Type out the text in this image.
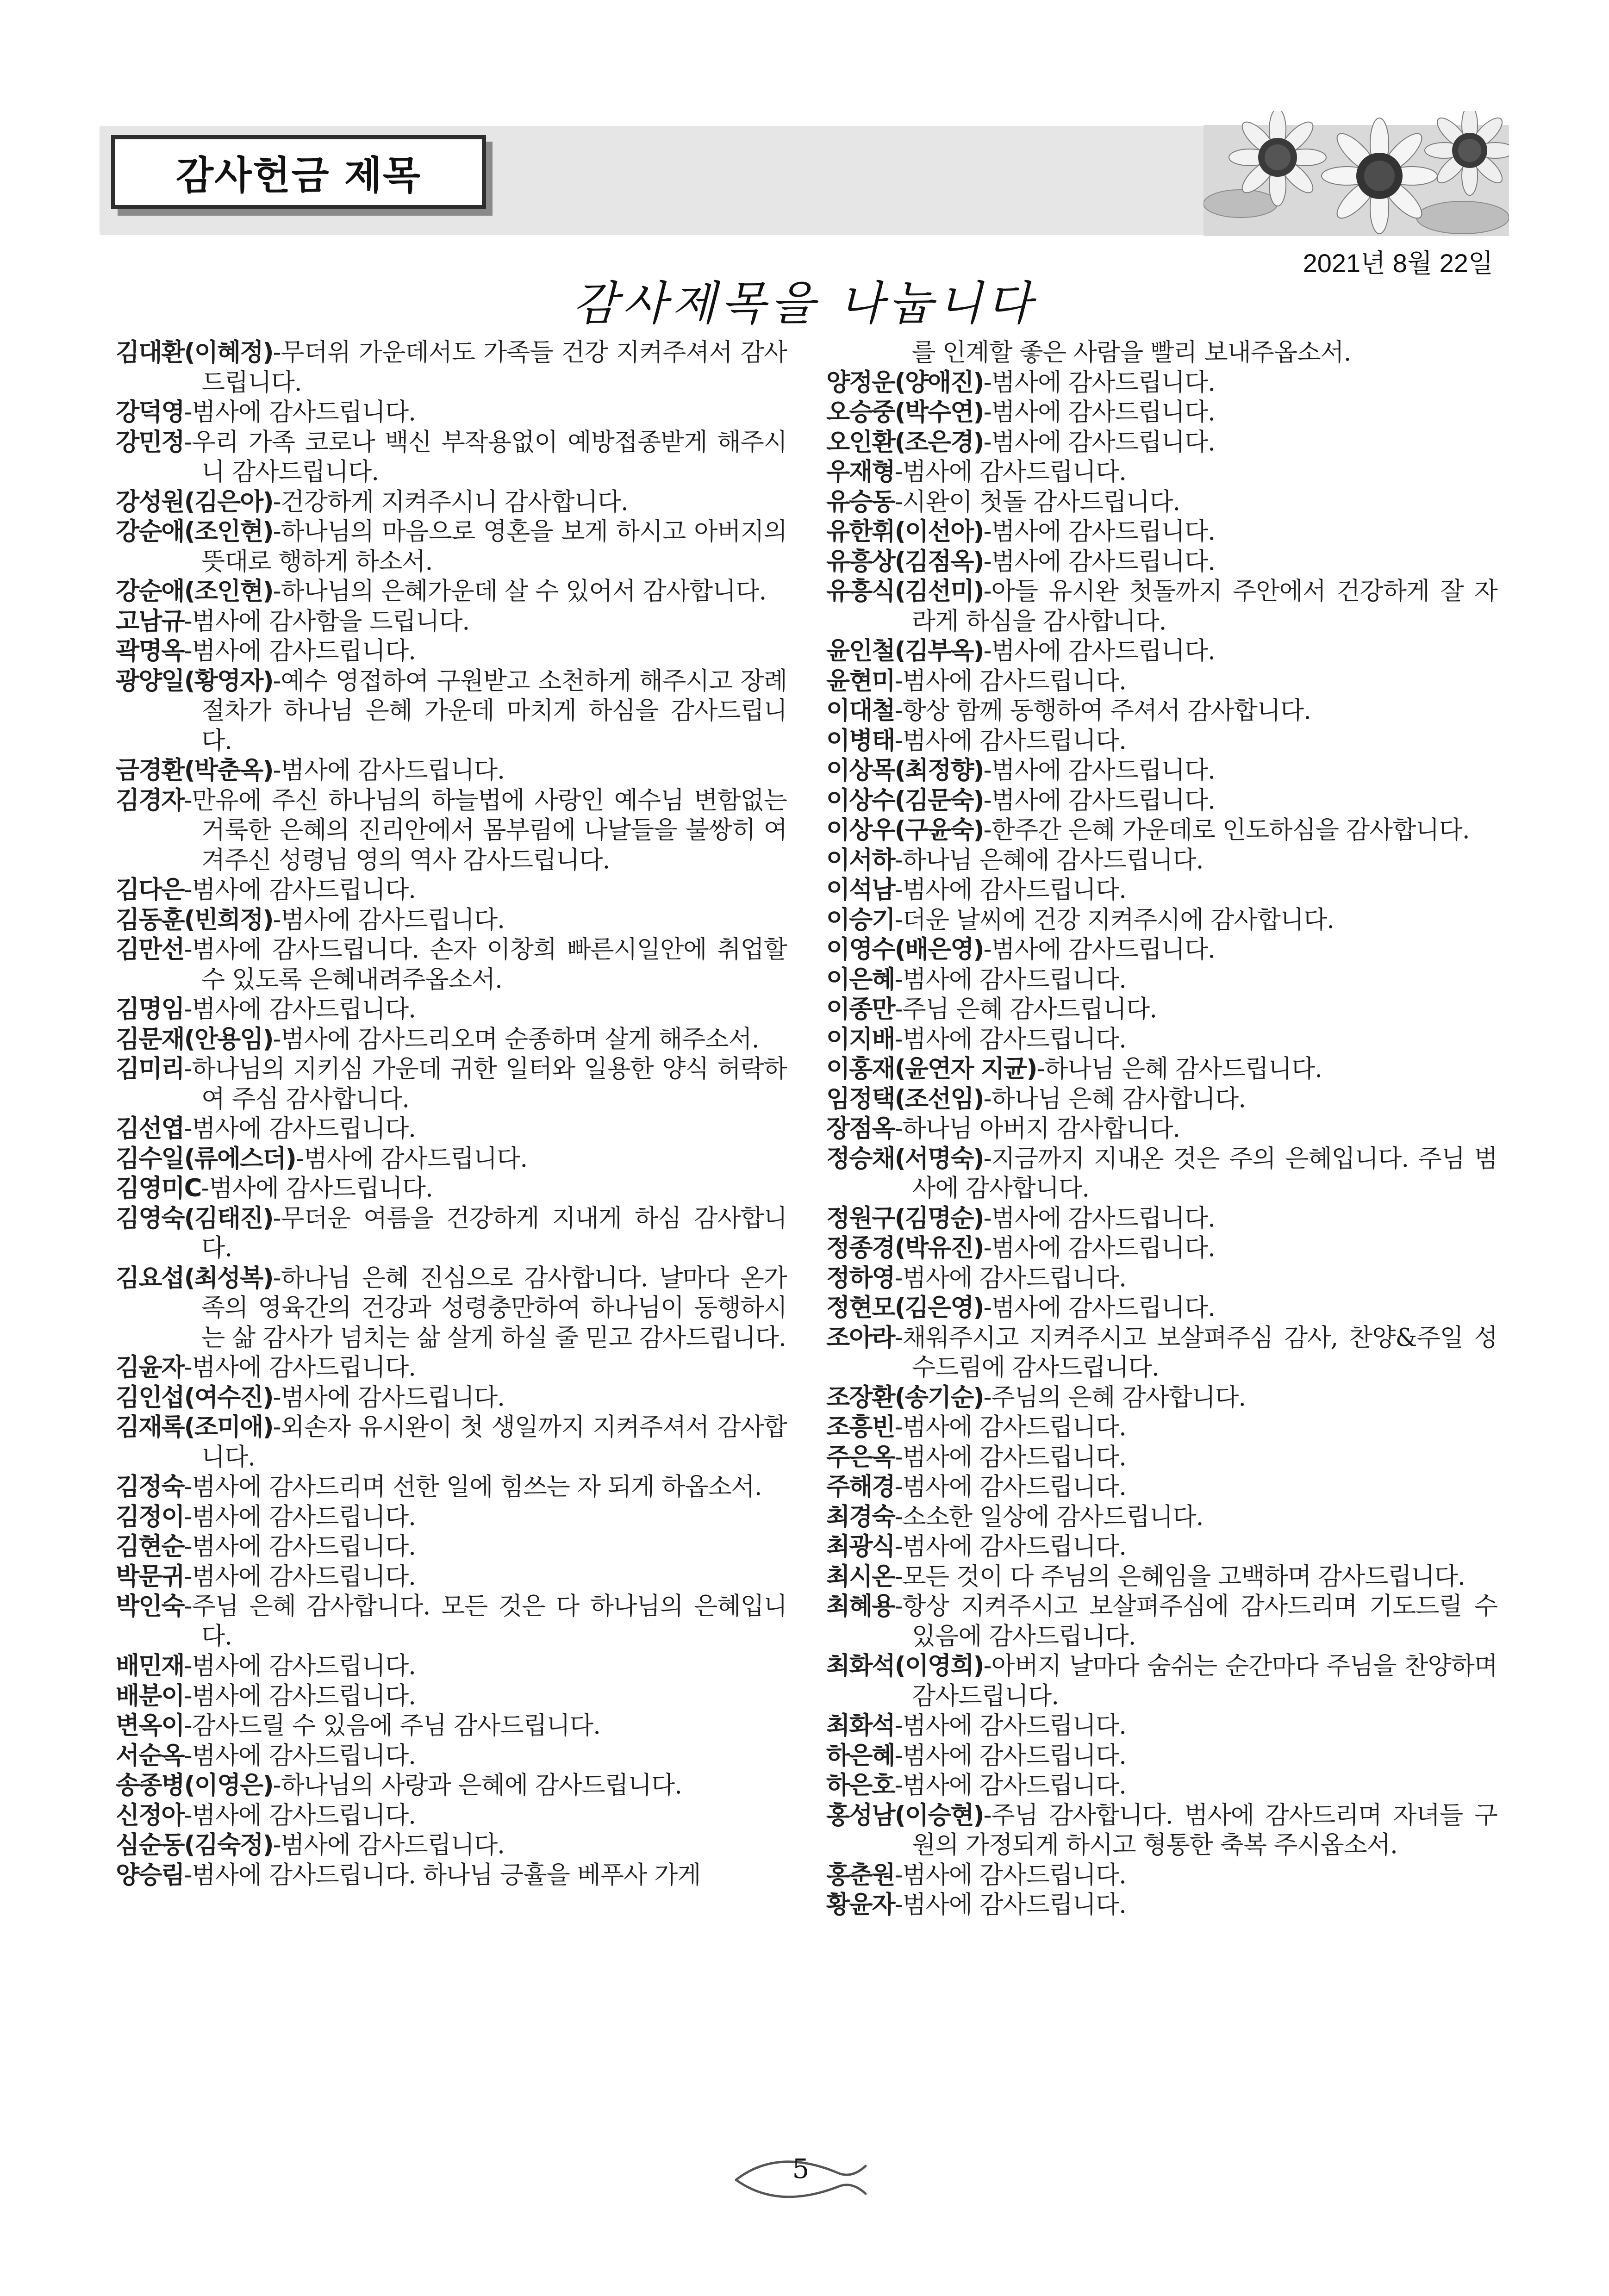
감사헌금 제목
2021년 8월 22일
감사제목을 나눕니다
김대환(이혜정)-무더위 가운데서도 가족들 건강 지켜주셔서 감사드립니다.
강덕영-범사에 감사드립니다.
강민정-우리 가족 코로나 백신 부작용없이 예방접종받게 해주시니 감사드립니다.
강성원(김은아)-건강하게 지켜주시니 감사합니다.
강순애(조인현)-하나님의 마음으로 영혼을 보게 하시고 아버지의 뜻대로 행하게 하소서.
강순애(조인현)-하나님의 은혜가운데 살 수 있어서 감사합니다.
고남규-범사에 감사함을 드립니다.
곽명옥-범사에 감사드립니다.
광양일(황영자)-예수 영접하여 구원받고 소천하게 해주시고 장례 절차가 하나님 은혜 가운데 마치게 하심을 감사드립니다.
금경환(박춘옥)-범사에 감사드립니다.
김경자-만유에 주신 하나님의 하늘법에 사랑인 예수님 변함없는 거룩한 은혜의 진리안에서 몸부림에 나날들을 불쌍히 여겨주신 성령님 영의 역사 감사드립니다.
김다은-범사에 감사드립니다.
김동훈(빈희정)-범사에 감사드립니다.
김만선-범사에 감사드립니다. 손자 이창희 빠른시일안에 취업할 수 있도록 은혜내려주옵소서.
김명임-범사에 감사드립니다.
김문재(안용임)-범사에 감사드리오며 순종하며 살게 해주소서.
김미리-하나님의 지키심 가운데 귀한 일터와 일용한 양식 허락하여 주심 감사합니다.
김선엽-범사에 감사드립니다.
김수일(류에스더)-범사에 감사드립니다.
김영미C-범사에 감사드립니다.
김영숙(김태진)-무더운 여름을 건강하게 지내게 하심 감사합니다.
김요섭(최성복)-하나님 은혜 진심으로 감사합니다. 날마다 온가족의 영육간의 건강과 성령충만하여 하나님이 동행하시는 삶 감사가 넘치는 삶 살게 하실 줄 믿고 감사드립니다.
김윤자-범사에 감사드립니다.
김인섭(여수진)-범사에 감사드립니다.
김재록(조미애)-외손자 유시완이 첫 생일까지 지켜주셔서 감사합니다.
김정숙-범사에 감사드리며 선한 일에 힘쓰는 자 되게 하옵소서.
김정이-범사에 감사드립니다.
김현순-범사에 감사드립니다.
박문귀-범사에 감사드립니다.
박인숙-주님 은혜 감사합니다. 모든 것은 다 하나님의 은혜입니다.
배민재-범사에 감사드립니다.
배분이-범사에 감사드립니다.
변옥이-감사드릴 수 있음에 주님 감사드립니다.
서순옥-범사에 감사드립니다.
송종병(이영은)-하나님의 사랑과 은혜에 감사드립니다.
신정아-범사에 감사드립니다.
심순동(김숙정)-범사에 감사드립니다.
양승림-범사에 감사드립니다. 하나님 긍휼을 베푸사 가게
를 인계할 좋은 사람을 빨리 보내주옵소서.
양정운(양애진)-범사에 감사드립니다.
오승중(박수연)-범사에 감사드립니다.
오인환(조은경)-범사에 감사드립니다.
우재형-범사에 감사드립니다.
유승동-시완이 첫돌 감사드립니다.
유한휘(이선아)-범사에 감사드립니다.
유흥상(김점옥)-범사에 감사드립니다.
유흥식(김선미)-아들 유시완 첫돌까지 주안에서 건강하게 잘 자라게 하심을 감사합니다.
윤인철(김부옥)-범사에 감사드립니다.
윤현미-범사에 감사드립니다.
이대철-항상 함께 동행하여 주셔서 감사합니다.
이병태-범사에 감사드립니다.
이상목(최정향)-범사에 감사드립니다.
이상수(김문숙)-범사에 감사드립니다.
이상우(구윤숙)-한주간 은혜 가운데로 인도하심을 감사합니다.
이서하-하나님 은혜에 감사드립니다.
이석남-범사에 감사드립니다.
이승기-더운 날씨에 건강 지켜주시에 감사합니다.
이영수(배은영)-범사에 감사드립니다.
이은혜-범사에 감사드립니다.
이종만-주님 은혜 감사드립니다.
이지배-범사에 감사드립니다.
이홍재(윤연자 지균)-하나님 은혜 감사드립니다.
임정택(조선임)-하나님 은혜 감사합니다.
장점옥-하나님 아버지 감사합니다.
정승채(서명숙)-지금까지 지내온 것은 주의 은혜입니다. 주님 범사에 감사합니다.
정원구(김명순)-범사에 감사드립니다.
정종경(박유진)-범사에 감사드립니다.
정하영-범사에 감사드립니다.
정현모(김은영)-범사에 감사드립니다.
조아라-채워주시고 지켜주시고 보살펴주심 감사, 찬양&주일 성수드림에 감사드립니다.
조장환(송기순)-주님의 은혜 감사합니다.
조흥빈-범사에 감사드립니다.
주은옥-범사에 감사드립니다.
주해경-범사에 감사드립니다.
최경숙-소소한 일상에 감사드립니다.
최광식-범사에 감사드립니다.
최시온-모든 것이 다 주님의 은혜임을 고백하며 감사드립니다.
최혜용-항상 지켜주시고 보살펴주심에 감사드리며 기도드릴 수 있음에 감사드립니다.
최화석(이영희)-아버지 날마다 숨쉬는 순간마다 주님을 찬양하며 감사드립니다.
최화석-범사에 감사드립니다.
하은혜-범사에 감사드립니다.
하은호-범사에 감사드립니다.
홍성남(이승현)-주님 감사합니다. 범사에 감사드리며 자녀들 구원의 가정되게 하시고 형통한 축복 주시옵소서.
홍춘원-범사에 감사드립니다.
황윤자-범사에 감사드립니다.
5
